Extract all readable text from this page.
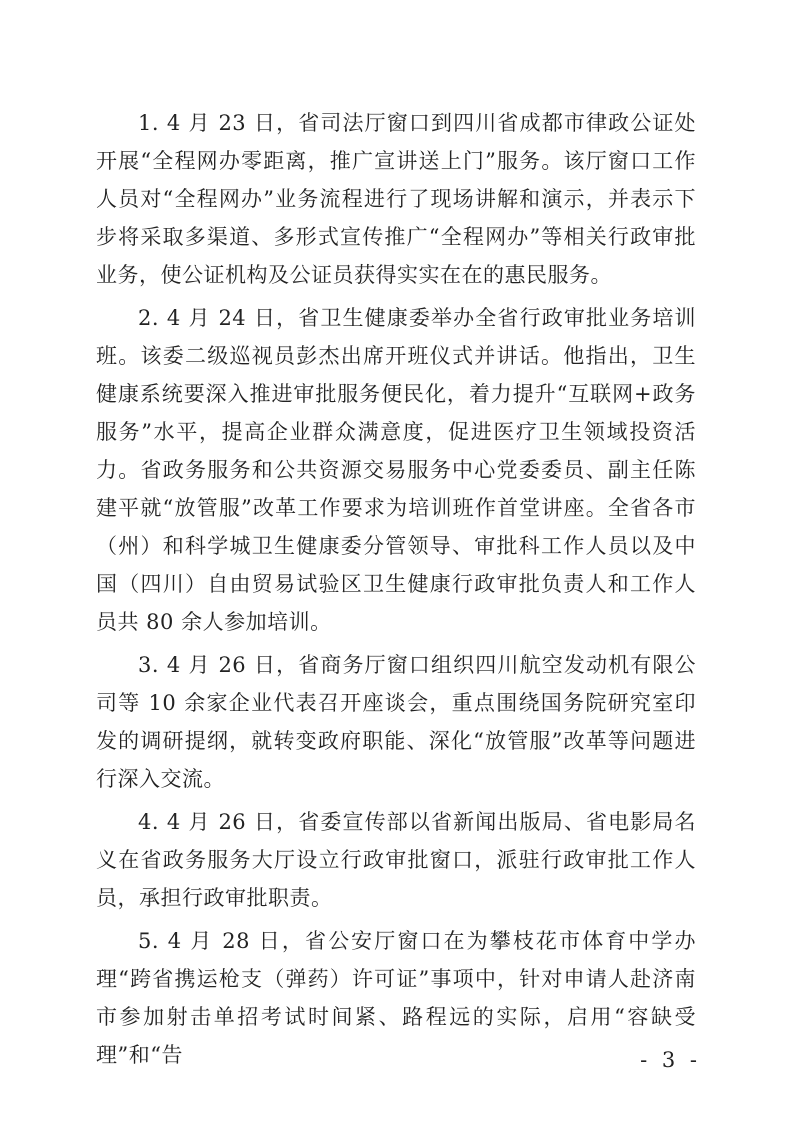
1. 4 月 23 日，省司法厅窗口到四川省成都市律政公证处开展“全程网办零距离，推广宣讲送上门”服务。该厅窗口工作人员对“全程网办”业务流程进行了现场讲解和演示，并表示下步将采取多渠道、多形式宣传推广“全程网办”等相关行政审批业务，使公证机构及公证员获得实实在在的惠民服务。

2. 4 月 24 日，省卫生健康委举办全省行政审批业务培训班。该委二级巡视员彭杰出席开班仪式并讲话。他指出，卫生健康系统要深入推进审批服务便民化，着力提升“互联网+政务服务”水平，提高企业群众满意度，促进医疗卫生领域投资活力。省政务服务和公共资源交易服务中心党委委员、副主任陈建平就“放管服”改革工作要求为培训班作首堂讲座。全省各市（州）和科学城卫生健康委分管领导、审批科工作人员以及中国（四川）自由贸易试验区卫生健康行政审批负责人和工作人员共 80 余人参加培训。

3. 4 月 26 日，省商务厅窗口组织四川航空发动机有限公司等 10 余家企业代表召开座谈会，重点围绕国务院研究室印发的调研提纲，就转变政府职能、深化“放管服”改革等问题进行深入交流。

4. 4 月 26 日，省委宣传部以省新闻出版局、省电影局名义在省政务服务大厅设立行政审批窗口，派驻行政审批工作人员，承担行政审批职责。

5. 4 月 28 日，省公安厅窗口在为攀枝花市体育中学办理“跨省携运枪支（弹药）许可证”事项中，针对申请人赴济南市参加射击单招考试时间紧、路程远的实际，启用“容缺受理”和“告	- 3 -
